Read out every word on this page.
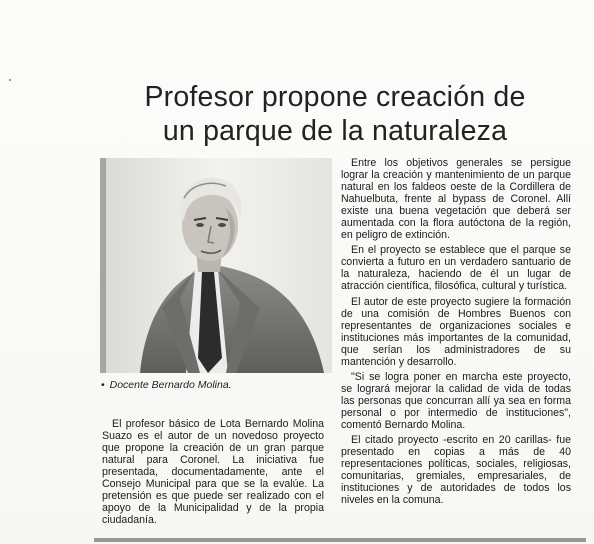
Profesor propone creación de
un parque de la naturaleza
• Docente Bernardo Molina.

Entre los objetivos generales se persigue lograr la creación y mantenimiento de un parque natural en los faldeos oeste de la Cordillera de Nahuelbuta, frente al bypass de Coronel. Allí existe una buena vegetación que deberá ser aumentada con la flora autóctona de la región, en peligro de extinción.

En el proyecto se establece que el parque se convierta a futuro en un verdadero santuario de la naturaleza, haciendo de él un lugar de atracción científica, filosófica, cultural y turística.

El autor de este proyecto sugiere la formación de una comisión de Hombres Buenos con representantes de organizaciones sociales e instituciones más importantes de la comunidad, que serían los administradores de su mantención y desarrollo.

"Si se logra poner en marcha este proyecto, se logrará mejorar la calidad de vida de todas las personas que concurran allí ya sea en forma personal o por intermedio de instituciones", comentó Bernardo Molina.

El citado proyecto -escrito en 20 carillas- fue presentado en copias a más de 40 representaciones políticas, sociales, religiosas, comunitarias, gremiales, empresariales, de instituciones y de autoridades de todos los niveles en la comuna.

El profesor básico de Lota Bernardo Molina Suazo es el autor de un novedoso proyecto que propone la creación de un gran parque natural para Coronel. La iniciativa fue presentada, documentadamente, ante el Consejo Municipal para que se la evalúe. La pretensión es que puede ser realizado con el apoyo de la Municipalidad y de la propia ciudadanía.
